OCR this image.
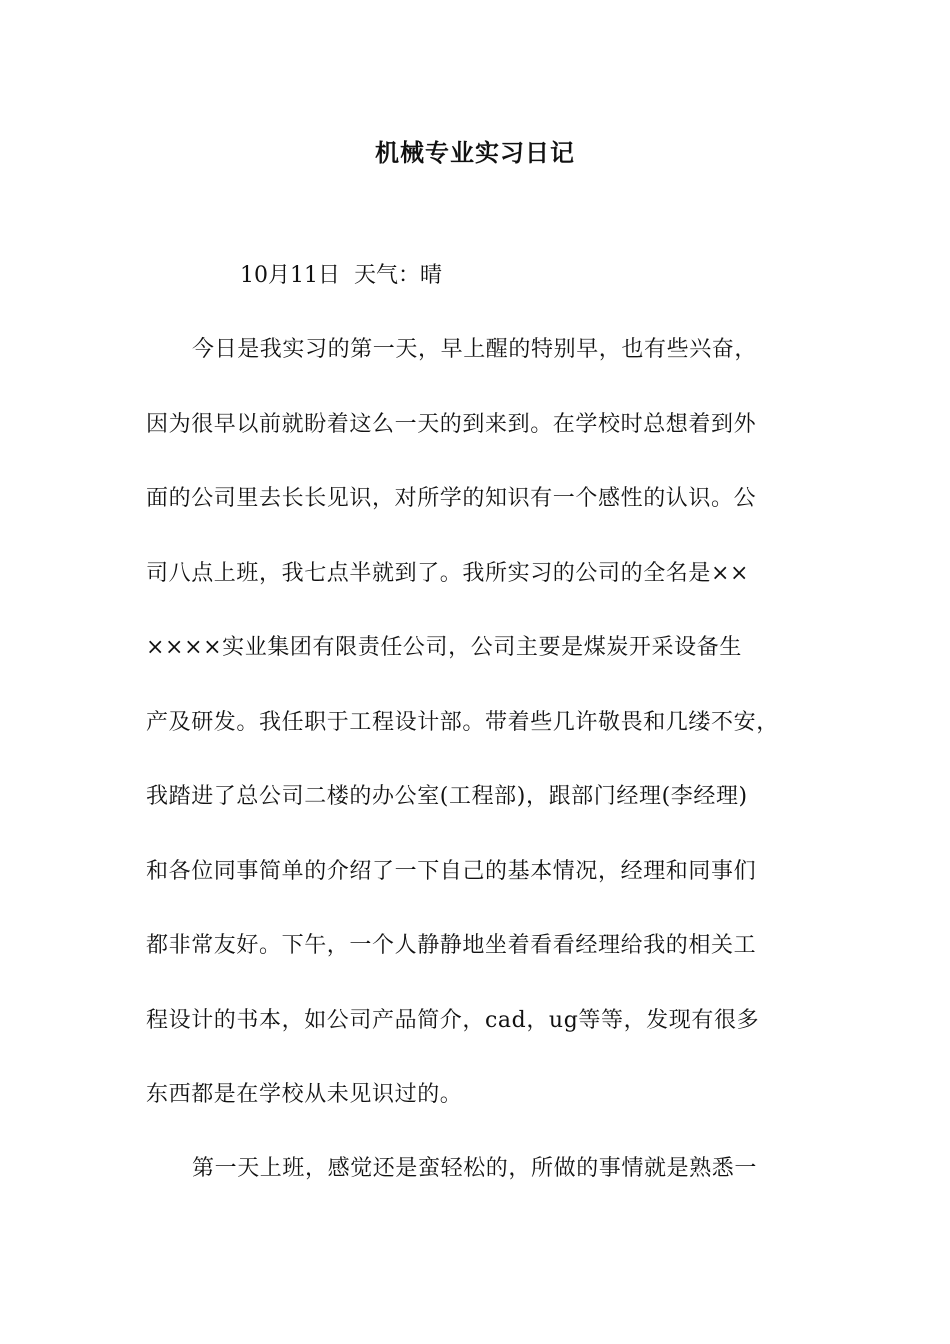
机械专业实习日记
10月11日  天气：晴
今日是我实习的第一天，早上醒的特别早，也有些兴奋，
因为很早以前就盼着这么一天的到来到。在学校时总想着到外
面的公司里去长长见识，对所学的知识有一个感性的认识。公
司八点上班，我七点半就到了。我所实习的公司的全名是××
××××实业集团有限责任公司，公司主要是煤炭开采设备生
产及研发。我任职于工程设计部。带着些几许敬畏和几缕不安，
我踏进了总公司二楼的办公室(工程部)，跟部门经理(李经理)
和各位同事简单的介绍了一下自己的基本情况，经理和同事们
都非常友好。下午，一个人静静地坐着看看经理给我的相关工
程设计的书本，如公司产品简介，cad，ug等等，发现有很多
东西都是在学校从未见识过的。
第一天上班，感觉还是蛮轻松的，所做的事情就是熟悉一
